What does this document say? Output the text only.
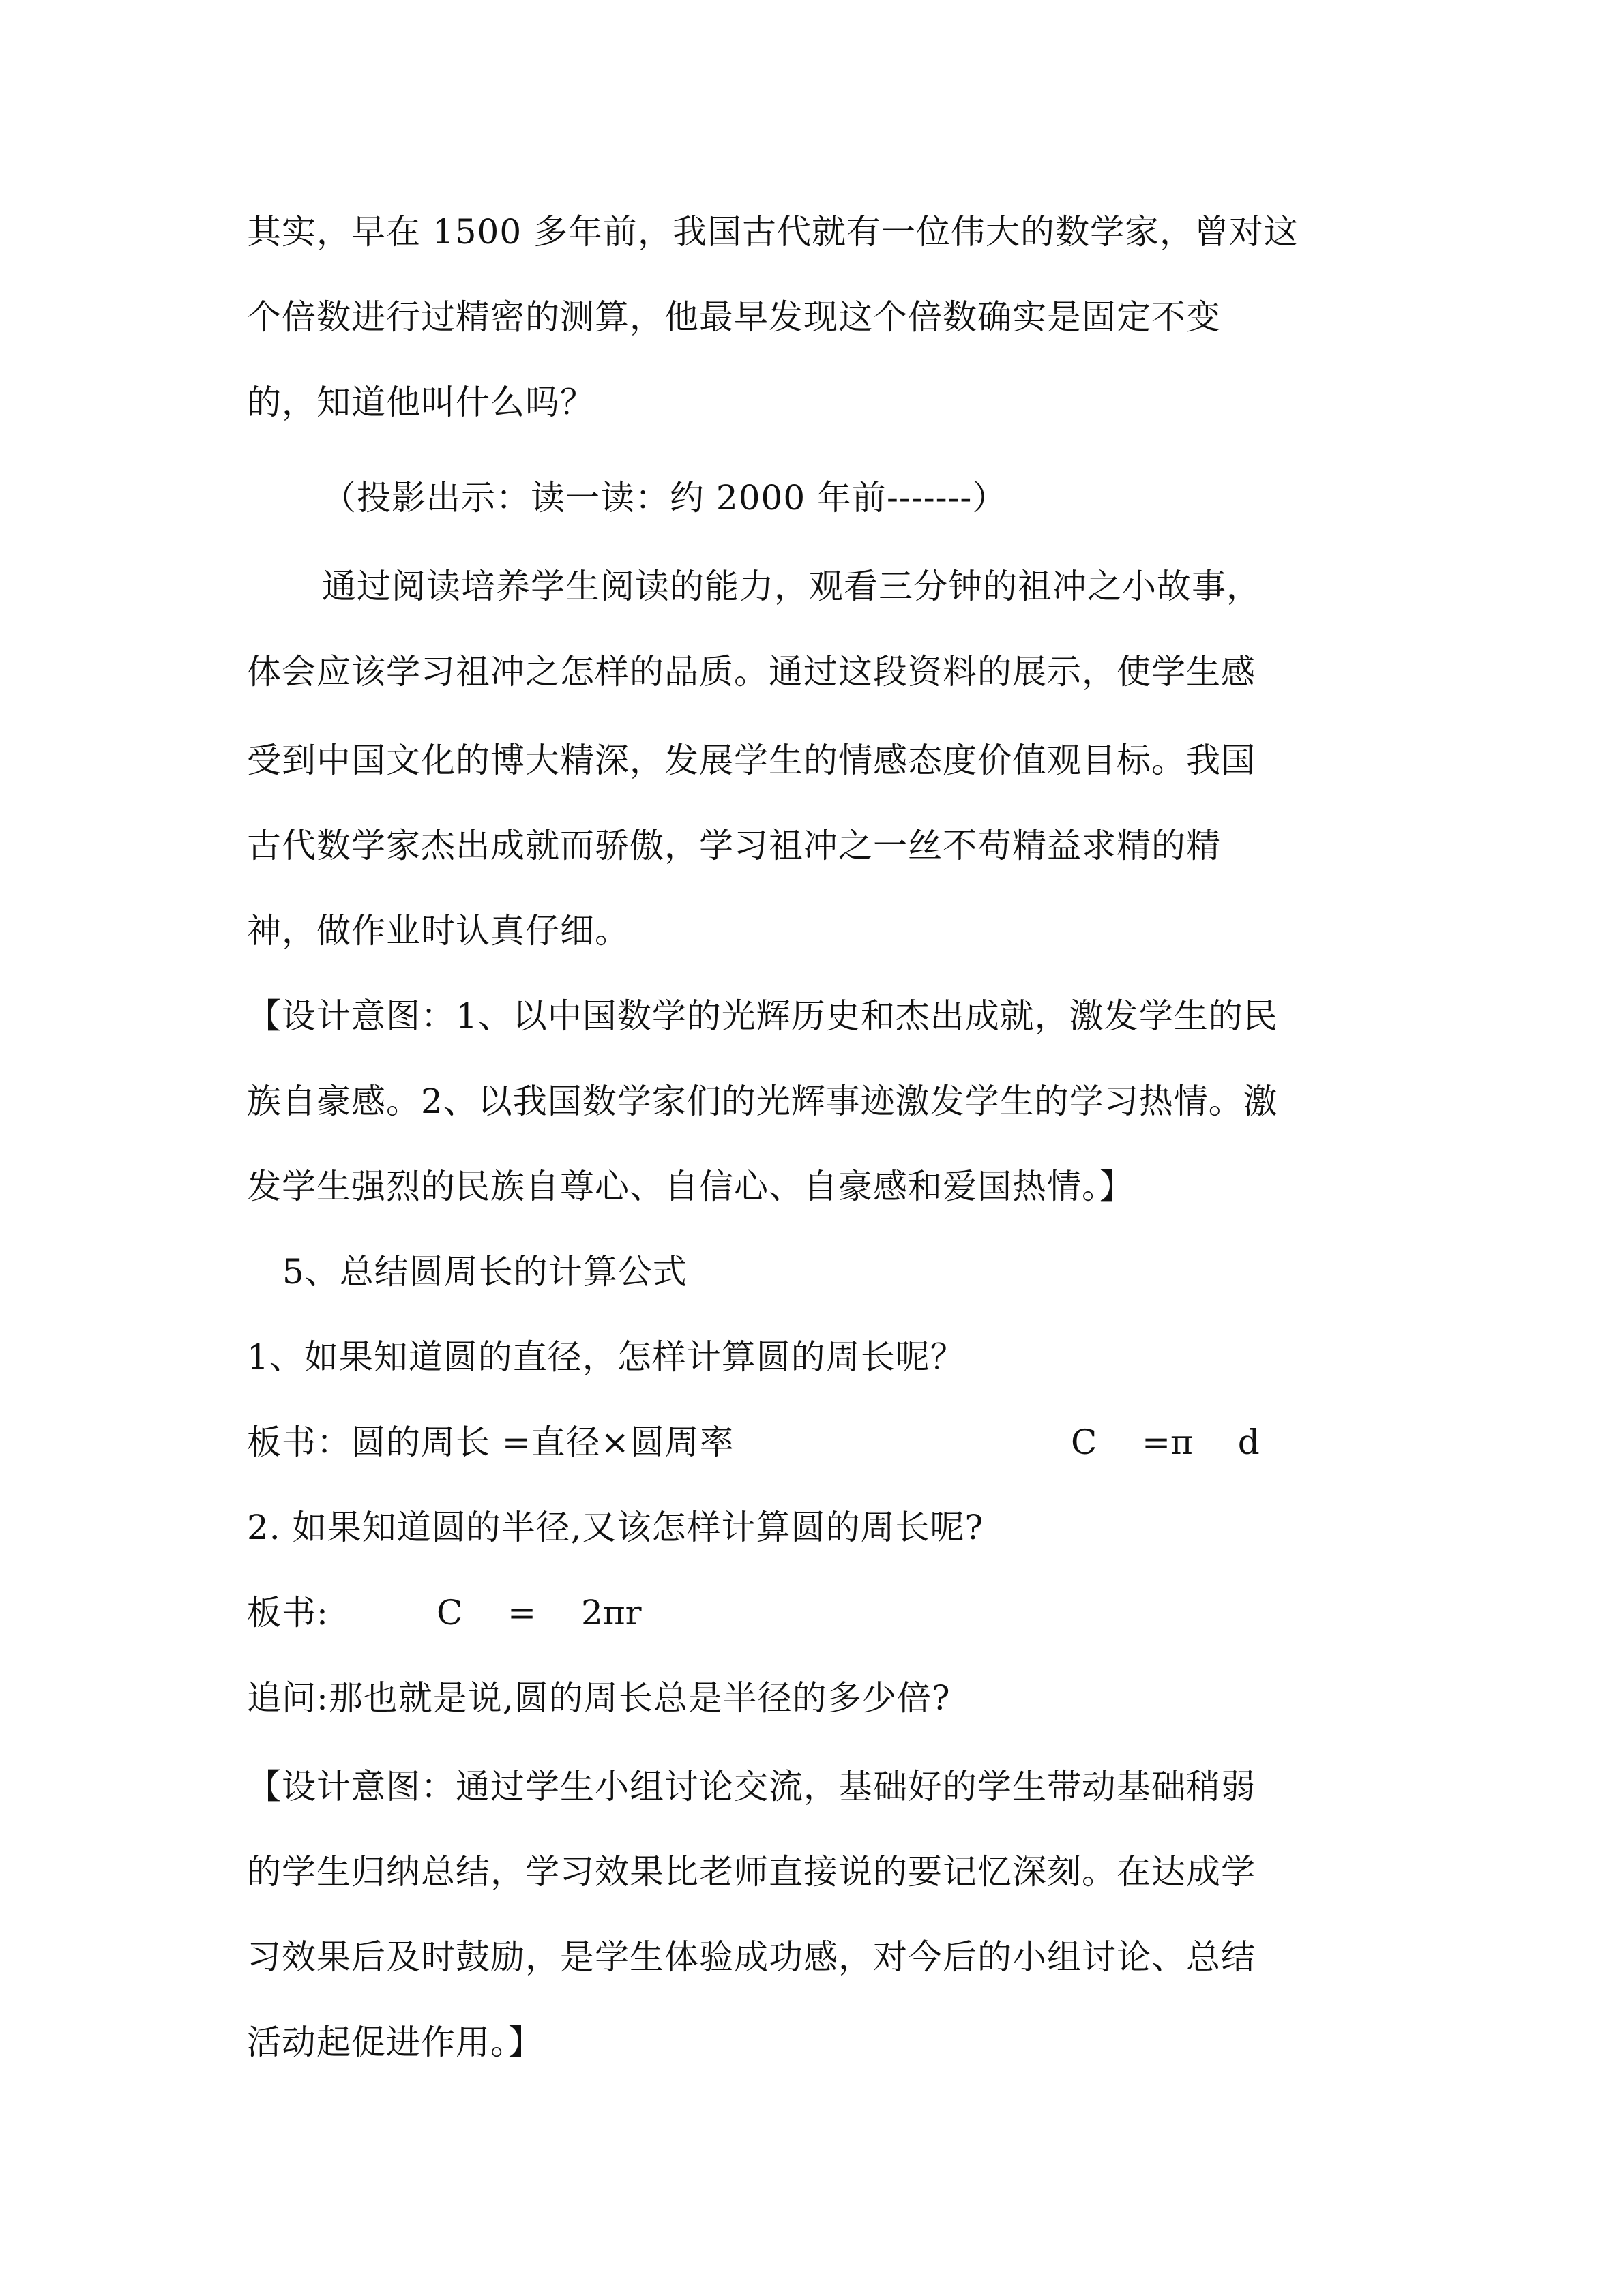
其实，早在 1500 多年前，我国古代就有一位伟大的数学家，曾对这
个倍数进行过精密的测算，他最早发现这个倍数确实是固定不变
的，知道他叫什么吗？
（投影出示：读一读：约 2000 年前-------）
通过阅读培养学生阅读的能力，观看三分钟的祖冲之小故事，
体会应该学习祖冲之怎样的品质。通过这段资料的展示，使学生感
受到中国文化的博大精深，发展学生的情感态度价值观目标。我国
古代数学家杰出成就而骄傲，学习祖冲之一丝不苟精益求精的精
神，做作业时认真仔细。
【设计意图：1、以中国数学的光辉历史和杰出成就，激发学生的民
族自豪感。2、以我国数学家们的光辉事迹激发学生的学习热情。激
发学生强烈的民族自尊心、自信心、自豪感和爱国热情。】
5、总结圆周长的计算公式
1、如果知道圆的直径，怎样计算圆的周长呢？
板书：圆的周长 =直径×圆周率	C　 =π　 d
2. 如果知道圆的半径,又该怎样计算圆的周长呢?
板书:	C　 =　 2πr
追问:那也就是说,圆的周长总是半径的多少倍?
【设计意图：通过学生小组讨论交流，基础好的学生带动基础稍弱
的学生归纳总结，学习效果比老师直接说的要记忆深刻。在达成学
习效果后及时鼓励，是学生体验成功感，对今后的小组讨论、总结
活动起促进作用。】
